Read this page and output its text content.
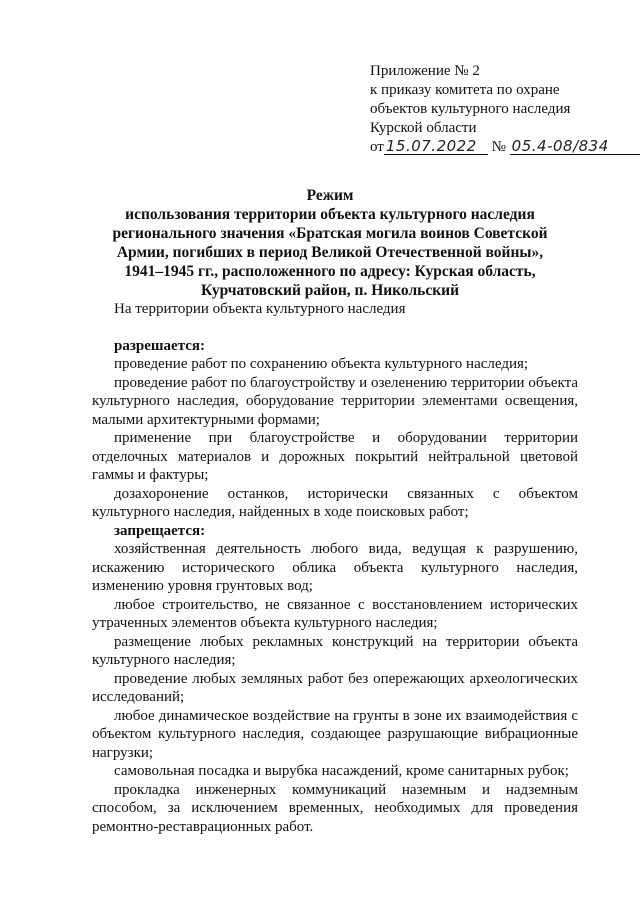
Приложение № 2
к приказу комитета по охране
объектов культурного наследия
Курской области
от 15.07.2022 № 05.4-08/834
Режим
использования территории объекта культурного наследия
регионального значения «Братская могила воинов Советской
Армии, погибших в период Великой Отечественной войны»,
1941–1945 гг., расположенного по адресу: Курская область,
Курчатовский район, п. Никольский

На территории объекта культурного наследия

разрешается:

проведение работ по сохранению объекта культурного наследия;

проведение работ по благоустройству и озеленению территории объекта культурного наследия, оборудование территории элементами освещения, малыми архитектурными формами;

применение при благоустройстве и оборудовании территории отделочных материалов и дорожных покрытий нейтральной цветовой гаммы и фактуры;

дозахоронение останков, исторически связанных с объектом культурного наследия, найденных в ходе поисковых работ;

запрещается:

хозяйственная деятельность любого вида, ведущая к разрушению, искажению исторического облика объекта культурного наследия, изменению уровня грунтовых вод;

любое строительство, не связанное с восстановлением исторических утраченных элементов объекта культурного наследия;

размещение любых рекламных конструкций на территории объекта культурного наследия;

проведение любых земляных работ без опережающих археологических исследований;

любое динамическое воздействие на грунты в зоне их взаимодействия с объектом культурного наследия, создающее разрушающие вибрационные нагрузки;

самовольная посадка и вырубка насаждений, кроме санитарных рубок;

прокладка инженерных коммуникаций наземным и надземным способом, за исключением временных, необходимых для проведения ремонтно-реставрационных работ.
